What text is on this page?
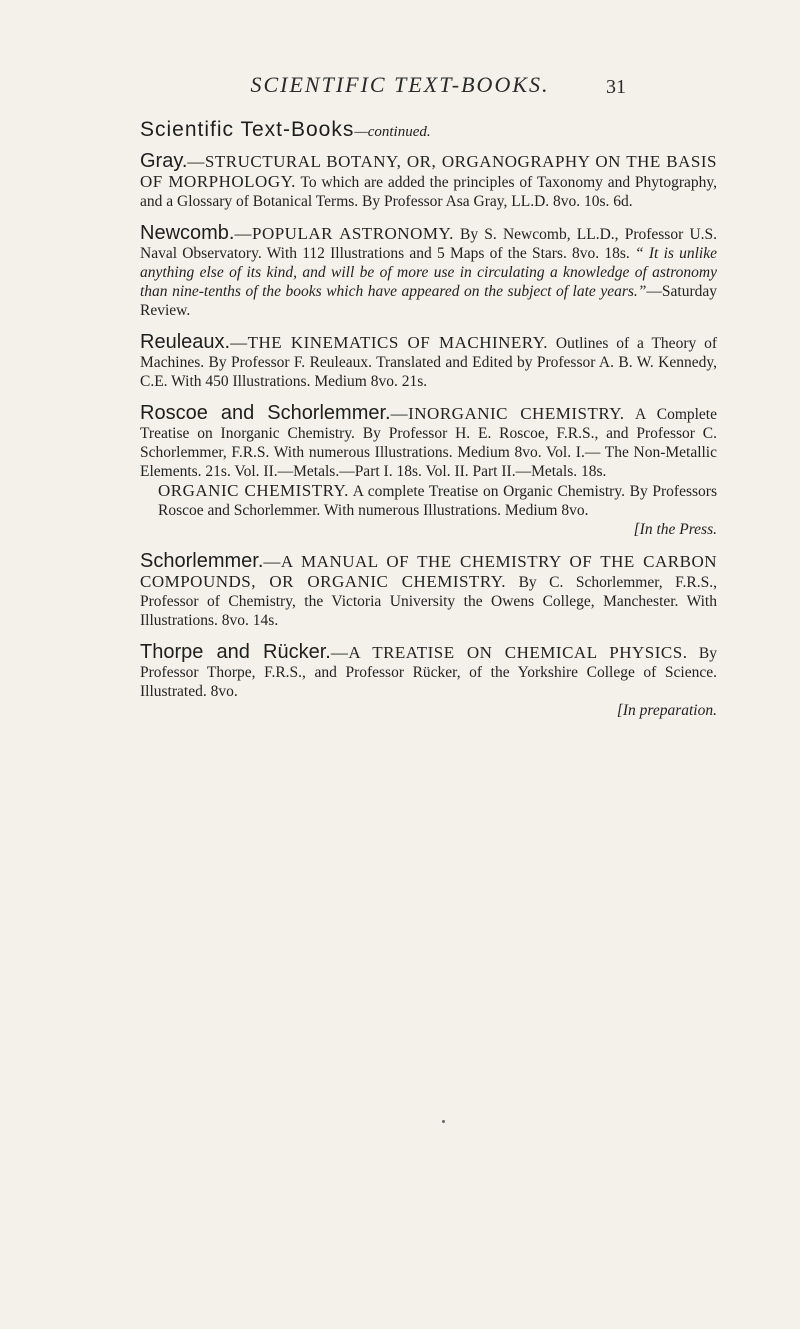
SCIENTIFIC TEXT-BOOKS.	31
Scientific Text-Books—continued.
Gray.—STRUCTURAL BOTANY, OR, ORGANOGRAPHY ON THE BASIS OF MORPHOLOGY. To which are added the principles of Taxonomy and Phytography, and a Glossary of Botanical Terms. By Professor Asa Gray, LL.D. 8vo. 10s. 6d.
Newcomb.—POPULAR ASTRONOMY. By S. Newcomb, LL.D., Professor U.S. Naval Observatory. With 112 Illustrations and 5 Maps of the Stars. 8vo. 18s. “ It is unlike anything else of its kind, and will be of more use in circulating a knowledge of astronomy than nine-tenths of the books which have appeared on the subject of late years.”—Saturday Review.
Reuleaux.—THE KINEMATICS OF MACHINERY. Outlines of a Theory of Machines. By Professor F. Reuleaux. Translated and Edited by Professor A. B. W. Kennedy, C.E. With 450 Illustrations. Medium 8vo. 21s.
Roscoe and Schorlemmer.—INORGANIC CHEMISTRY. A Complete Treatise on Inorganic Chemistry. By Professor H. E. Roscoe, F.R.S., and Professor C. Schorlemmer, F.R.S. With numerous Illustrations. Medium 8vo. Vol. I.— The Non-Metallic Elements. 21s. Vol. II.—Metals.—Part I. 18s. Vol. II. Part II.—Metals. 18s.
ORGANIC CHEMISTRY. A complete Treatise on Organic Chemistry. By Professors Roscoe and Schorlemmer. With numerous Illustrations. Medium 8vo.
[In the Press.
Schorlemmer.—A MANUAL OF THE CHEMISTRY OF THE CARBON COMPOUNDS, OR ORGANIC CHEMISTRY. By C. Schorlemmer, F.R.S., Professor of Chemistry, the Victoria University the Owens College, Manchester. With Illustrations. 8vo. 14s.
Thorpe and Rücker.—A TREATISE ON CHEMICAL PHYSICS. By Professor Thorpe, F.R.S., and Professor Rücker, of the Yorkshire College of Science. Illustrated. 8vo.
[In preparation.
